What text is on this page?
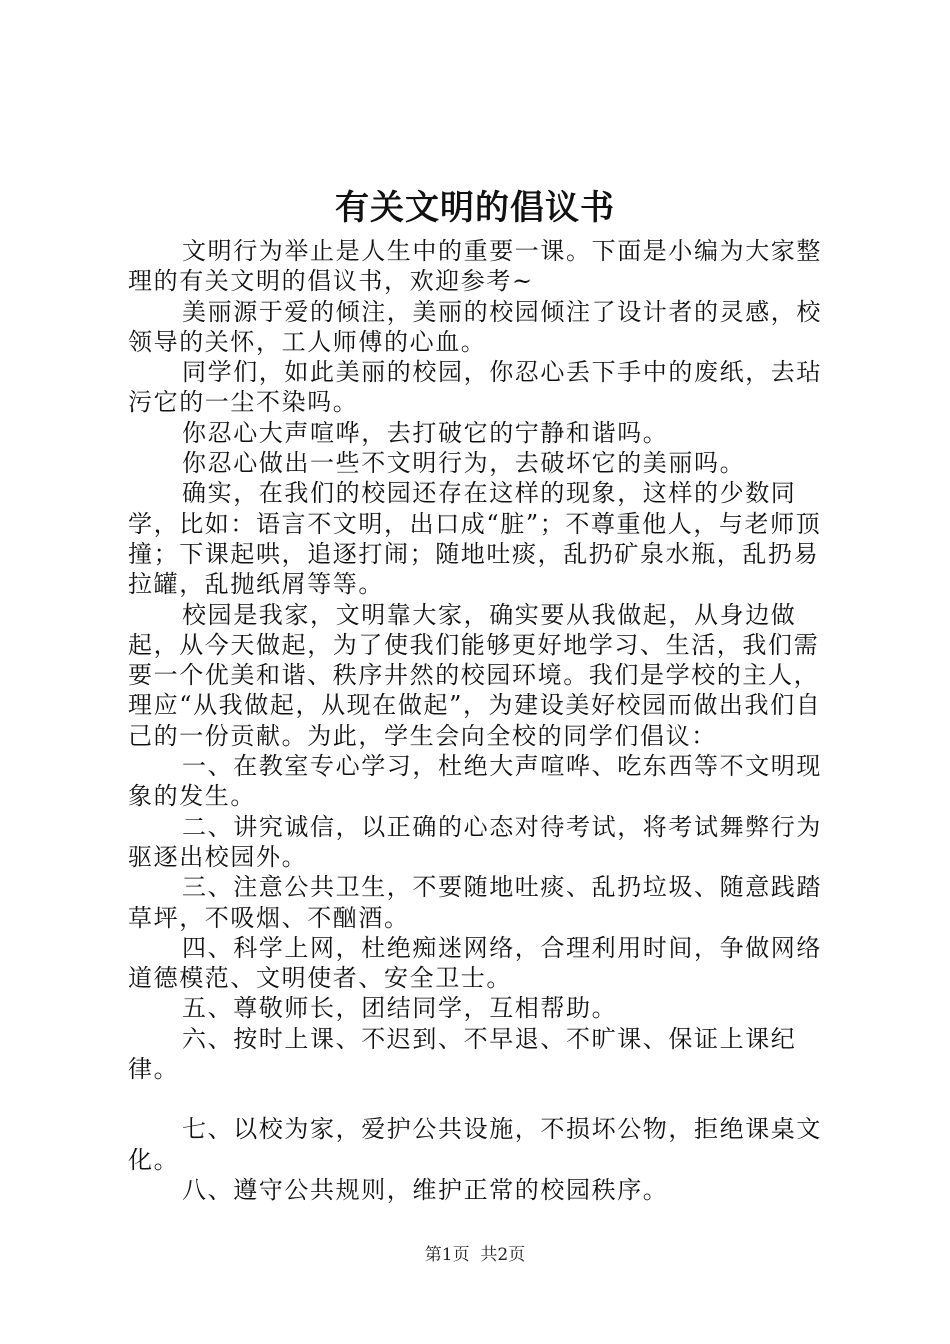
有关文明的倡议书

文明行为举止是人生中的重要一课。下面是小编为大家整理的有关文明的倡议书，欢迎参考~

美丽源于爱的倾注，美丽的校园倾注了设计者的灵感，校领导的关怀，工人师傅的心血。

同学们，如此美丽的校园，你忍心丢下手中的废纸，去玷污它的一尘不染吗。

你忍心大声喧哗，去打破它的宁静和谐吗。

你忍心做出一些不文明行为，去破坏它的美丽吗。

确实，在我们的校园还存在这样的现象，这样的少数同学，比如：语言不文明，出口成“脏”；不尊重他人，与老师顶撞；下课起哄，追逐打闹；随地吐痰，乱扔矿泉水瓶，乱扔易拉罐，乱抛纸屑等等。

校园是我家，文明靠大家，确实要从我做起，从身边做起，从今天做起，为了使我们能够更好地学习、生活，我们需要一个优美和谐、秩序井然的校园环境。我们是学校的主人，理应“从我做起，从现在做起”，为建设美好校园而做出我们自己的一份贡献。为此，学生会向全校的同学们倡议：

一、在教室专心学习，杜绝大声喧哗、吃东西等不文明现象的发生。

二、讲究诚信，以正确的心态对待考试，将考试舞弊行为驱逐出校园外。

三、注意公共卫生，不要随地吐痰、乱扔垃圾、随意践踏草坪，不吸烟、不酗酒。

四、科学上网，杜绝痴迷网络，合理利用时间，争做网络道德模范、文明使者、安全卫士。

五、尊敬师长，团结同学，互相帮助。

六、按时上课、不迟到、不早退、不旷课、保证上课纪律。

七、以校为家，爱护公共设施，不损坏公物，拒绝课桌文化。

八、遵守公共规则，维护正常的校园秩序。

第1页  共2页
